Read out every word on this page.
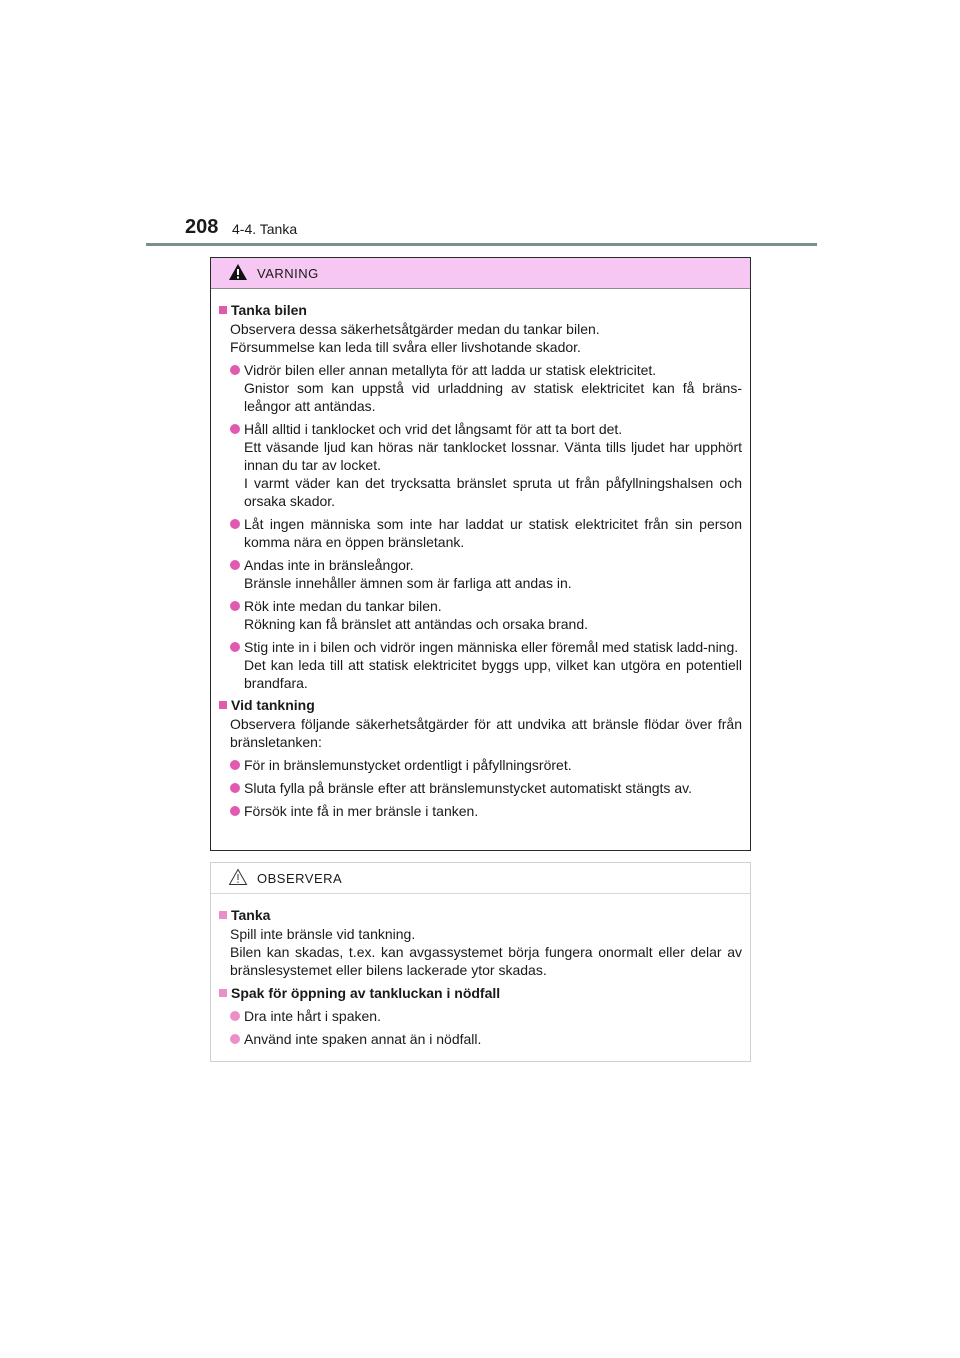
208 4-4. Tanka
VARNING
Tanka bilen

Observera dessa säkerhetsåtgärder medan du tankar bilen.

Försummelse kan leda till svåra eller livshotande skador.

Vidrör bilen eller annan metallyta för att ladda ur statisk elektricitet.

Gnistor som kan uppstå vid urladdning av statisk elektricitet kan få bräns-leångor att antändas.

Håll alltid i tanklocket och vrid det långsamt för att ta bort det.

Ett väsande ljud kan höras när tanklocket lossnar. Vänta tills ljudet har upphört innan du tar av locket.

I varmt väder kan det trycksatta bränslet spruta ut från påfyllningshalsen och orsaka skador.

Låt ingen människa som inte har laddat ur statisk elektricitet från sin person komma nära en öppen bränsletank.

Andas inte in bränsleångor.

Bränsle innehåller ämnen som är farliga att andas in.

Rök inte medan du tankar bilen.

Rökning kan få bränslet att antändas och orsaka brand.

Stig inte in i bilen och vidrör ingen människa eller föremål med statisk ladd-ning.

Det kan leda till att statisk elektricitet byggs upp, vilket kan utgöra en potentiell brandfara.

Vid tankning

Observera följande säkerhetsåtgärder för att undvika att bränsle flödar över från bränsletanken:

För in bränslemunstycket ordentligt i påfyllningsröret.

Sluta fylla på bränsle efter att bränslemunstycket automatiskt stängts av.

Försök inte få in mer bränsle i tanken.

OBSERVERA
Tanka

Spill inte bränsle vid tankning.

Bilen kan skadas, t.ex. kan avgassystemet börja fungera onormalt eller delar av bränslesystemet eller bilens lackerade ytor skadas.

Spak för öppning av tankluckan i nödfall

Dra inte hårt i spaken.

Använd inte spaken annat än i nödfall.
